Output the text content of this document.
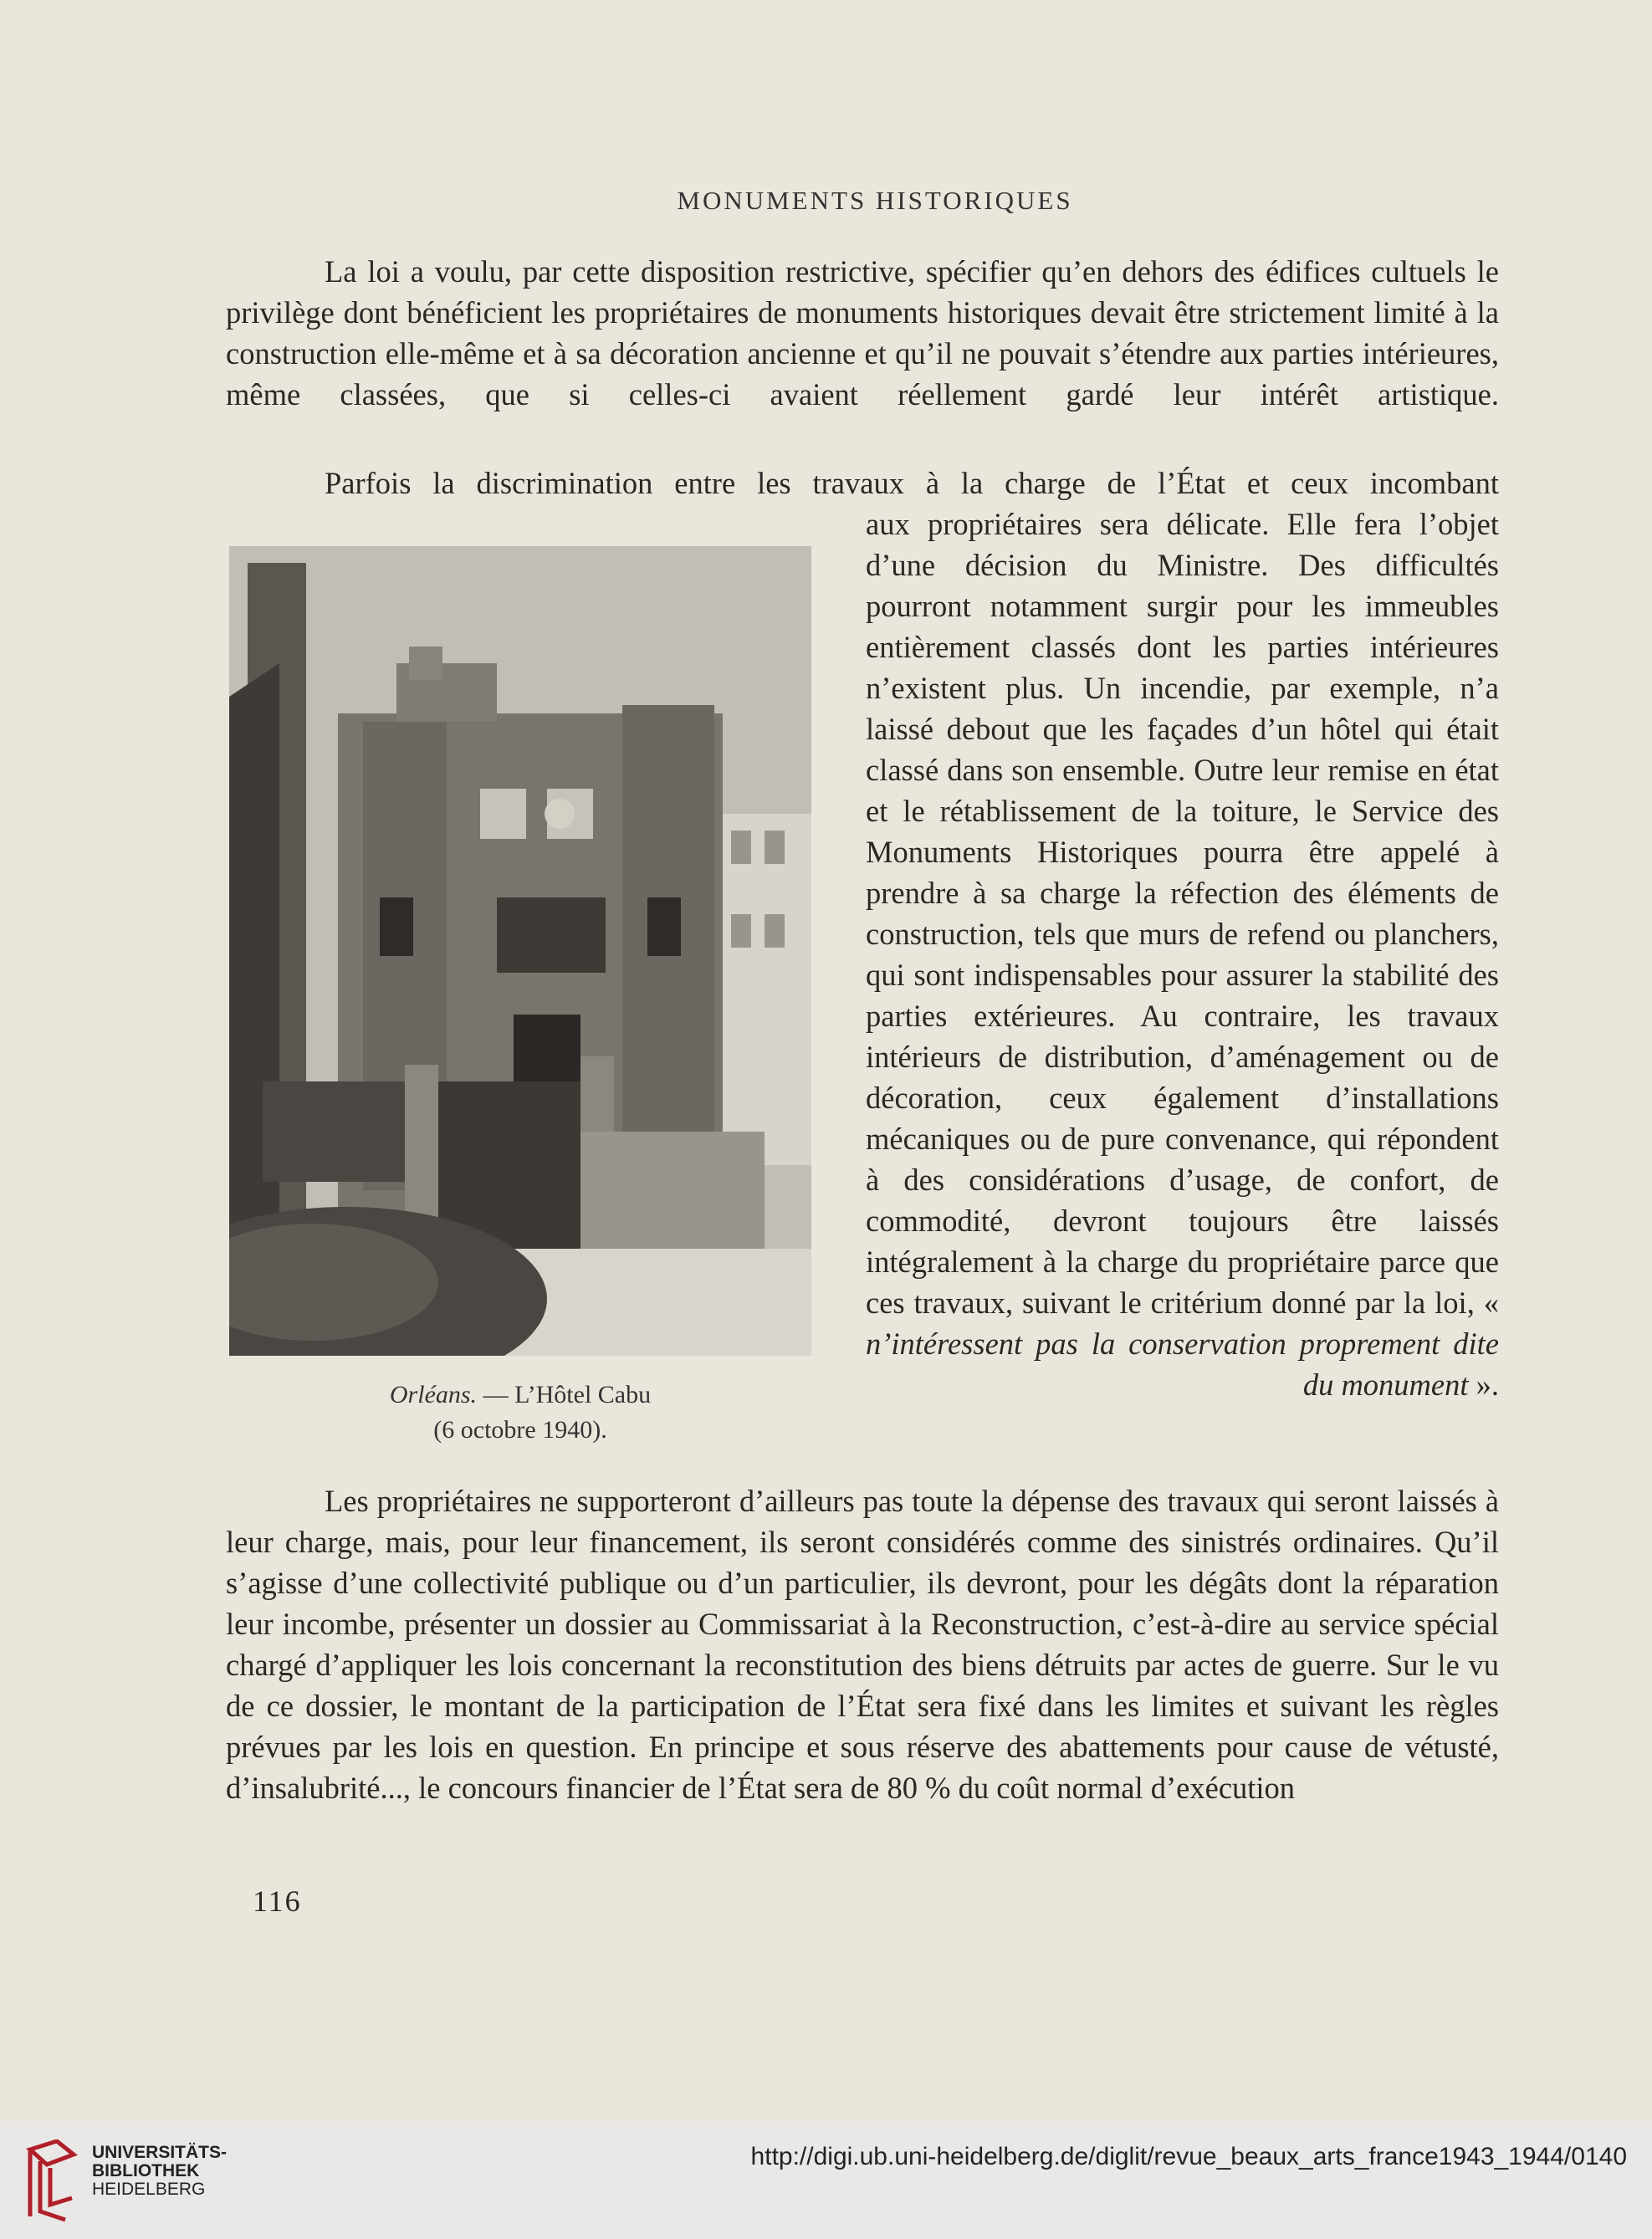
MONUMENTS HISTORIQUES

La loi a voulu, par cette disposition restrictive, spécifier qu’en dehors des édifices cultuels le privilège dont bénéficient les propriétaires de monuments historiques devait être strictement limité à la construction elle-même et à sa décoration ancienne et qu’il ne pouvait s’étendre aux parties intérieures, même classées, que si celles-ci avaient réellement gardé leur intérêt artistique.

Parfois la discrimination entre les travaux à la charge de l’État et ceux incombant

aux propriétaires sera délicate. Elle fera l’objet d’une décision du Ministre. Des difficultés pourront notamment surgir pour les immeubles entièrement classés dont les parties intérieures n’existent plus. Un incendie, par exemple, n’a laissé debout que les façades d’un hôtel qui était classé dans son ensemble. Outre leur remise en état et le rétablissement de la toiture, le Service des Monuments Historiques pourra être appelé à prendre à sa charge la réfection des éléments de construction, tels que murs de refend ou planchers, qui sont indispensables pour assurer la stabilité des parties extérieures. Au contraire, les travaux intérieurs de distribution, d’aménagement ou de décoration, ceux également d’installations mécaniques ou de pure convenance, qui répondent à des considérations d’usage, de confort, de commodité, devront toujours être laissés intégralement à la charge du propriétaire parce que ces travaux, suivant le critérium donné par la loi, « n’intéressent pas la conservation proprement dite du monument ».

Orléans. — L’Hôtel Cabu
(6 octobre 1940).

Les propriétaires ne supporteront d’ailleurs pas toute la dépense des travaux qui seront laissés à leur charge, mais, pour leur financement, ils seront considérés comme des sinistrés ordinaires. Qu’il s’agisse d’une collectivité publique ou d’un particulier, ils devront, pour les dégâts dont la réparation leur incombe, présenter un dossier au Commissariat à la Reconstruction, c’est-à-dire au service spécial chargé d’appliquer les lois concernant la reconstitution des biens détruits par actes de guerre. Sur le vu de ce dossier, le montant de la participation de l’État sera fixé dans les limites et suivant les règles prévues par les lois en question. En principe et sous réserve des abattements pour cause de vétusté, d’insalubrité..., le concours financier de l’État sera de 80 % du coût normal d’exécution

116
UNIVERSITÄTS-
BIBLIOTHEK
HEIDELBERG
http://digi.ub.uni-heidelberg.de/diglit/revue_beaux_arts_france1943_1944/0140
